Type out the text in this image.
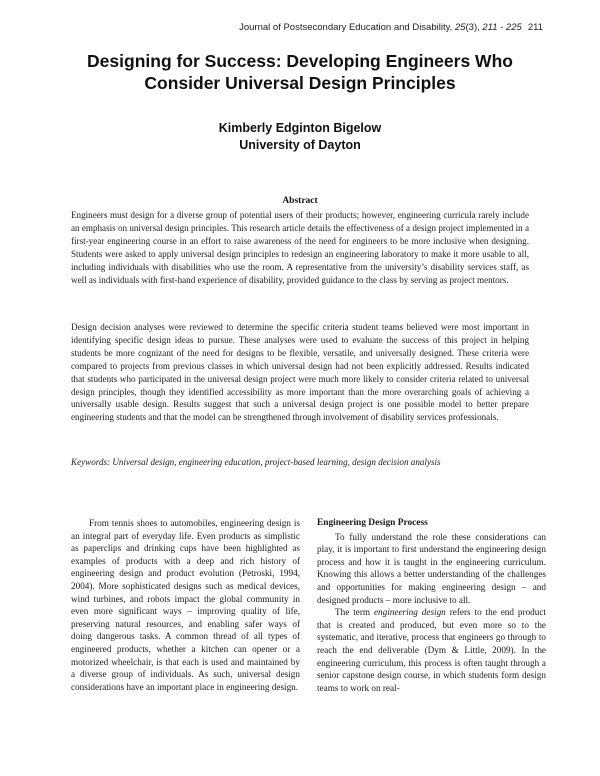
Journal of Postsecondary Education and Disability, 25(3), 211 - 225 211
Designing for Success: Developing Engineers Who
Consider Universal Design Principles
Kimberly Edginton Bigelow
University of Dayton
Abstract

Engineers must design for a diverse group of potential users of their products; however, engineering curricula rarely include an emphasis on universal design principles. This research article details the effectiveness of a design project implemented in a first-year engineering course in an effort to raise awareness of the need for engineers to be more inclusive when designing. Students were asked to apply universal design principles to redesign an engineering laboratory to make it more usable to all, including individuals with disabilities who use the room. A representative from the university’s disability services staff, as well as individuals with first-hand experience of disability, provided guidance to the class by serving as project mentors.

Design decision analyses were reviewed to determine the specific criteria student teams believed were most important in identifying specific design ideas to pursue. These analyses were used to evaluate the success of this project in helping students be more cognizant of the need for designs to be flexible, versatile, and universally designed. These criteria were compared to projects from previous classes in which universal design had not been explicitly addressed. Results indicated that students who participated in the universal design project were much more likely to consider criteria related to universal design principles, though they identified accessibility as more important than the more overarching goals of achieving a universally usable design. Results suggest that such a universal design project is one possible model to better prepare engineering students and that the model can be strengthened through involvement of disability services professionals.

Keywords: Universal design, engineering education, project-based learning, design decision analysis

From tennis shoes to automobiles, engineering design is an integral part of everyday life. Even products as simplistic as paperclips and drinking cups have been highlighted as examples of products with a deep and rich history of engineering design and product evolution (Petroski, 1994, 2004). More sophisticated designs such as medical devices, wind turbines, and robots impact the global community in even more significant ways – improving quality of life, preserving natural resources, and enabling safer ways of doing dangerous tasks. A common thread of all types of engineered products, whether a kitchen can opener or a motorized wheelchair, is that each is used and maintained by a diverse group of individuals. As such, universal design considerations have an important place in engineering design.

Engineering Design Process

To fully understand the role these considerations can play, it is important to first understand the engineering design process and how it is taught in the engineering curriculum. Knowing this allows a better understanding of the challenges and opportunities for making engineering design – and designed products – more inclusive to all.

The term engineering design refers to the end product that is created and produced, but even more so to the systematic, and iterative, process that engineers go through to reach the end deliverable (Dym & Little, 2009). In the engineering curriculum, this process is often taught through a senior capstone design course, in which students form design teams to work on real-
